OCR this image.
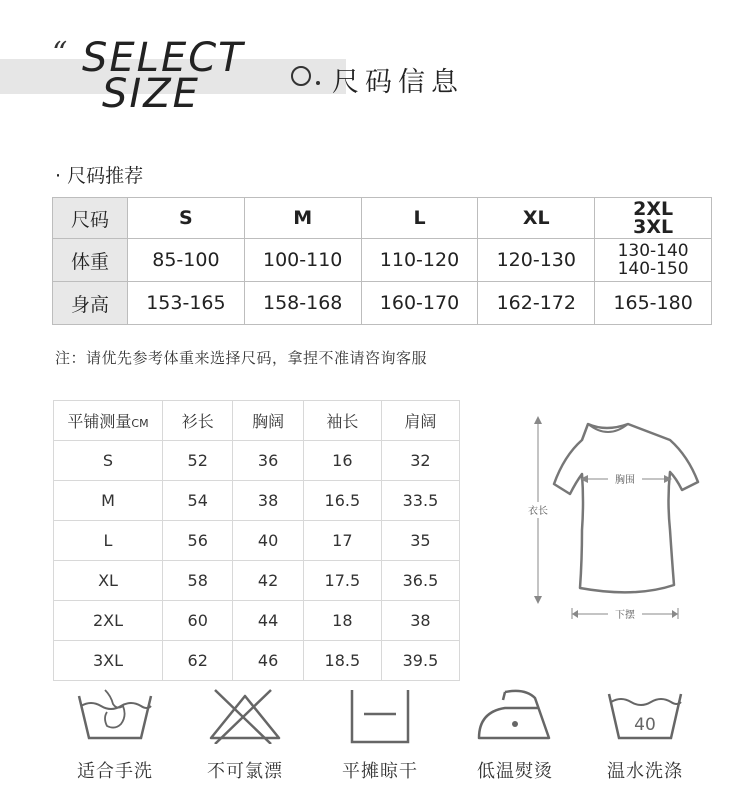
“ SELECT
SIZE	尺码信息
· 尺码推荐
尺码	S	M	L	XL	2XL
3XL
体重	85-100	100-110	110-120	120-130	130-140
140-150
身高	153-165	158-168	160-170	162-172	165-180
注：请优先参考体重来选择尺码，拿捏不准请咨询客服
平铺测量CM	衫长	胸阔	袖长	肩阔
S	52	36	16	32
M	54	38	16.5	33.5
L	56	40	17	35
XL	58	42	17.5	36.5
2XL	60	44	18	38
3XL	62	46	18.5	39.5
胸围
衣长
下摆
适合手洗	不可氯漂	平摊晾干	低温熨烫
40
温水洗涤
